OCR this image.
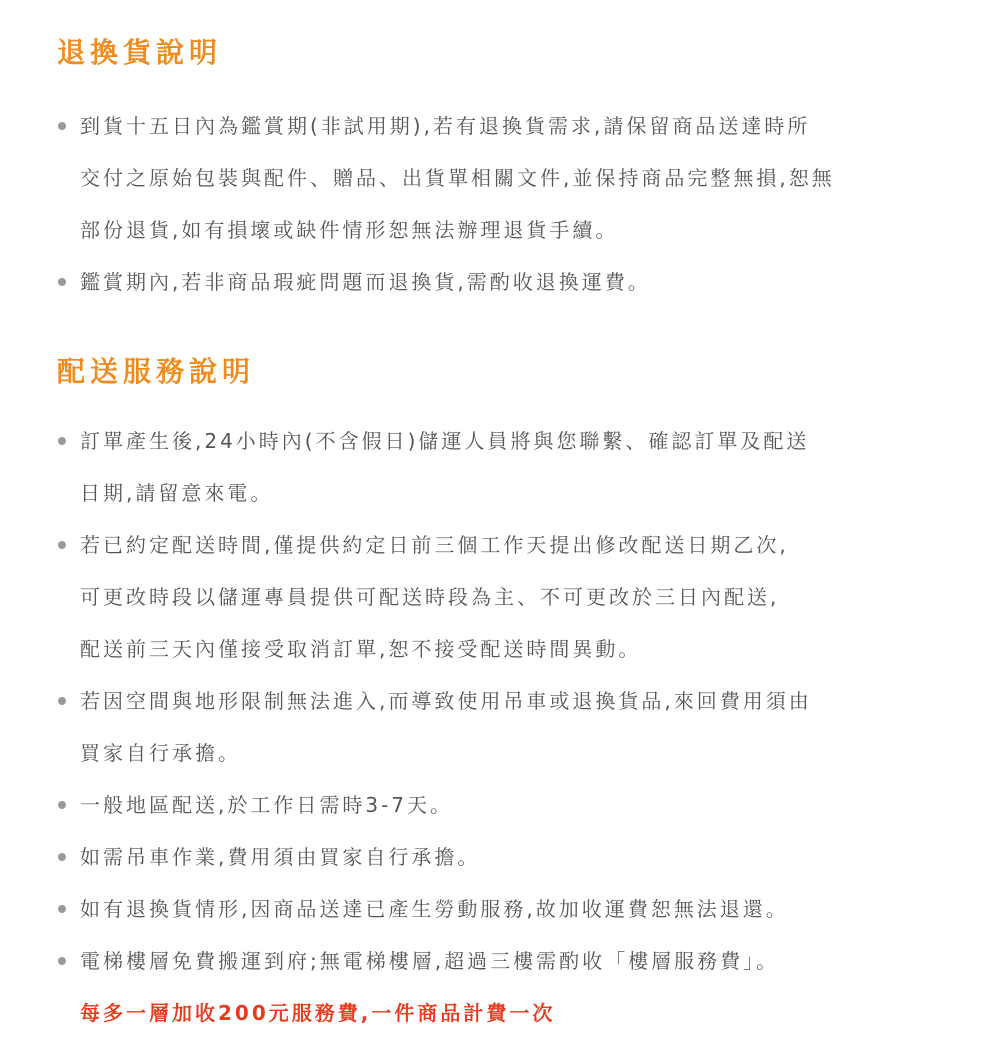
退換貨說明
到貨十五日內為鑑賞期(非試用期),若有退換貨需求,請保留商品送達時所
交付之原始包裝與配件、贈品、出貨單相關文件,並保持商品完整無損,恕無
部份退貨,如有損壞或缺件情形恕無法辦理退貨手續。
鑑賞期內,若非商品瑕疵問題而退換貨,需酌收退換運費。
配送服務說明
訂單產生後,24小時內(不含假日)儲運人員將與您聯繫、確認訂單及配送
日期,請留意來電。
若已約定配送時間,僅提供約定日前三個工作天提出修改配送日期乙次,
可更改時段以儲運專員提供可配送時段為主、不可更改於三日內配送,
配送前三天內僅接受取消訂單,恕不接受配送時間異動。
若因空間與地形限制無法進入,而導致使用吊車或退換貨品,來回費用須由
買家自行承擔。
一般地區配送,於工作日需時3-7天。
如需吊車作業,費用須由買家自行承擔。
如有退換貨情形,因商品送達已產生勞動服務,故加收運費恕無法退還。
電梯樓層免費搬運到府;無電梯樓層,超過三樓需酌收「樓層服務費」。
每多一層加收200元服務費,一件商品計費一次
